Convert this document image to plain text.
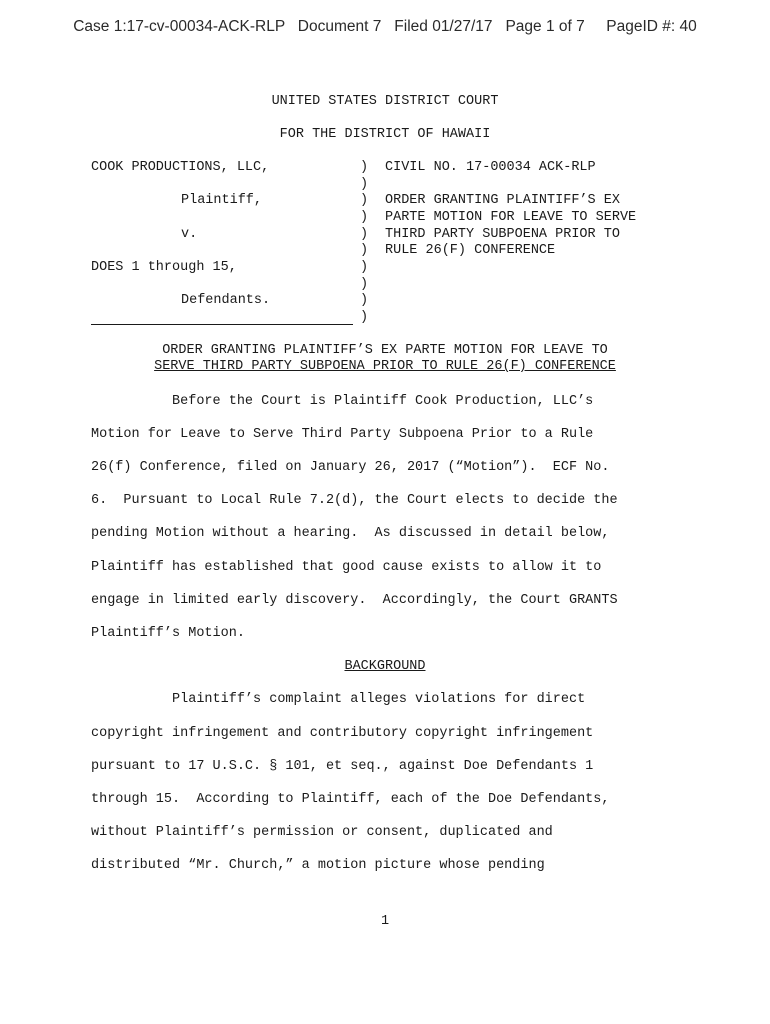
Case 1:17-cv-00034-ACK-RLP   Document 7   Filed 01/27/17   Page 1 of 7     PageID #: 40
UNITED STATES DISTRICT COURT
FOR THE DISTRICT OF HAWAII
COOK PRODUCTIONS, LLC,
Plaintiff,
v.
DOES 1 through 15,
Defendants.
)
)
)
)
)
)
)
)
)
)
CIVIL NO. 17-00034 ACK-RLP
ORDER GRANTING PLAINTIFF’S EX
PARTE MOTION FOR LEAVE TO SERVE
THIRD PARTY SUBPOENA PRIOR TO
RULE 26(F) CONFERENCE
ORDER GRANTING PLAINTIFF’S EX PARTE MOTION FOR LEAVE TO
SERVE THIRD PARTY SUBPOENA PRIOR TO RULE 26(F) CONFERENCE
Before the Court is Plaintiff Cook Production, LLC’s
Motion for Leave to Serve Third Party Subpoena Prior to a Rule
26(f) Conference, filed on January 26, 2017 (“Motion”).  ECF No.
6.  Pursuant to Local Rule 7.2(d), the Court elects to decide the
pending Motion without a hearing.  As discussed in detail below,
Plaintiff has established that good cause exists to allow it to
engage in limited early discovery.  Accordingly, the Court GRANTS
Plaintiff’s Motion.
BACKGROUND
Plaintiff’s complaint alleges violations for direct
copyright infringement and contributory copyright infringement
pursuant to 17 U.S.C. § 101, et seq., against Doe Defendants 1
through 15.  According to Plaintiff, each of the Doe Defendants,
without Plaintiff’s permission or consent, duplicated and
distributed “Mr. Church,” a motion picture whose pending
1
